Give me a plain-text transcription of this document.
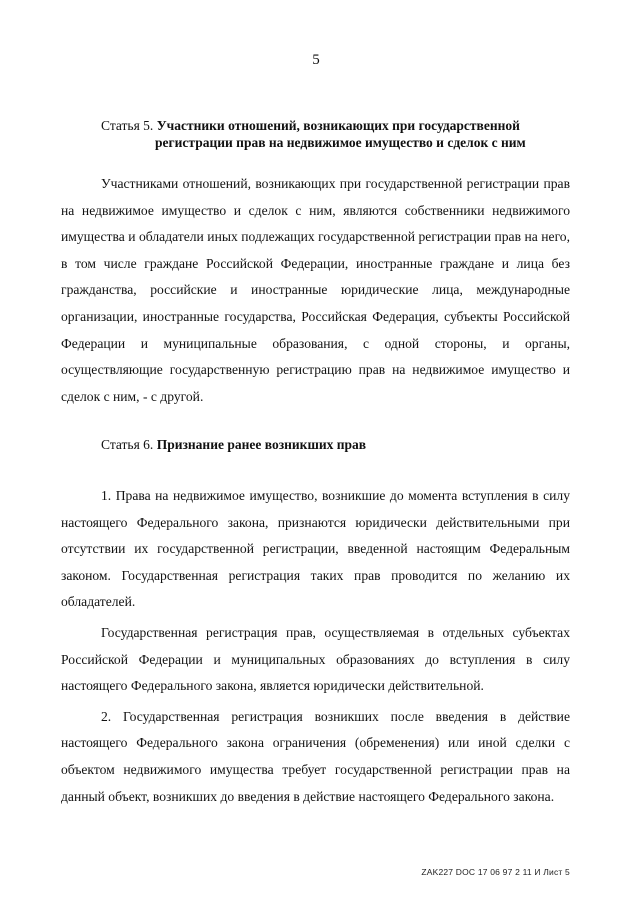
5
Статья 5. Участники отношений, возникающих при государственной
регистрации прав на недвижимое имущество и сделок с ним

Участниками отношений, возникающих при государственной регистрации прав на недвижимое имущество и сделок с ним, являются собственники недвижимого имущества и обладатели иных подлежащих государственной регистрации прав на него, в том числе граждане Российской Федерации, иностранные граждане и лица без гражданства, российские и иностранные юридические лица, международные организации, иностранные государства, Российская Федерация, субъекты Российской Федерации и муниципальные образования, с одной стороны, и органы, осуществляющие государственную регистрацию прав на недвижимое имущество и сделок с ним, - с другой.

Статья 6. Признание ранее возникших прав

1. Права на недвижимое имущество, возникшие до момента вступления в силу настоящего Федерального закона, признаются юридически действительными при отсутствии их государственной регистрации, введенной настоящим Федеральным законом. Государственная регистрация таких прав проводится по желанию их обладателей.

Государственная регистрация прав, осуществляемая в отдельных субъектах Российской Федерации и муниципальных образованиях до вступления в силу настоящего Федерального закона, является юридически действительной.

2. Государственная регистрация возникших после введения в действие настоящего Федерального закона ограничения (обременения) или иной сделки с объектом недвижимого имущества требует государственной регистрации прав на данный объект, возникших до введения в действие настоящего Федерального закона.

ZAK227 DOC 17 06 97 2 11 И Лист 5
